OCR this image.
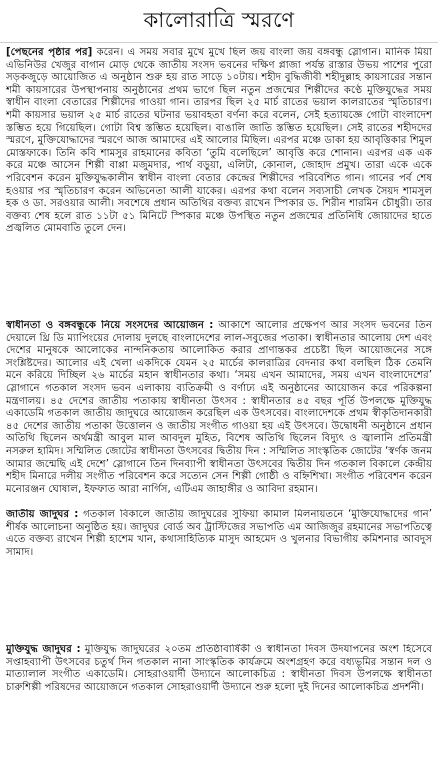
কালোরাত্রি স্মরণে

[পেছনের পৃষ্ঠার পর] করেন। এ সময় সবার মুখে মুখে ছিল জয় বাংলা জয় বঙ্গবন্ধু স্লোগান। মানিক মিয়া এভিনিউর খেজুর বাগান মোড় থেকে জাতীয় সংসদ ভবনের দক্ষিণ প্লাজা পর্যন্ত রাস্তার উভয় পাশের পুরো সড়কজুড়ে আয়োজিত এ অনুষ্ঠান শুরু হয় রাত সাড়ে ১০টায়। শহীদ বুদ্ধিজীবী শহীদুল্লাহ কায়সারের সন্তান শমী কায়সারের উপস্থাপনায় অনুষ্ঠানের প্রথম ভাগে ছিল নতুন প্রজন্মের শিল্পীদের কণ্ঠে মুক্তিযুদ্ধের সময় স্বাধীন বাংলা বেতারের শিল্পীদের গাওয়া গান। তারপর ছিল ২৫ মার্চ রাতের ভয়াল কালরাতের স্মৃতিচারণ। শমী কায়সার ভয়াল ২৫ মার্চ রাতের ঘটনার ভয়াবহতা বর্ণনা করে বলেন, সেই হত্যাযজ্ঞে গোটা বাংলাদেশ স্তম্ভিত হয়ে গিয়েছিল। গোটা বিশ্ব স্তম্ভিত হয়েছিল। বাঙালি জাতি স্তম্ভিত হয়েছিল। সেই রাতের শহীদদের স্মরণে, মুক্তিযোদ্ধাদের স্মরণে আজ আমাদের এই আলোর মিছিল। এরপর মঞ্চে ডাকা হয় আবৃত্তিকার শিমুল মোস্তফাকে। তিনি কবি শামসুর রাহমানের কবিতা ‘তুমি বলেছিলে’ আবৃত্তি করে শোনান। এরপর এক এক করে মঞ্চে আসেন শিল্পী বাপ্পা মজুমদার, পার্থ বড়ুয়া, এলিটা, কোনাল, জোহাদ প্রমুখ। তারা একে একে পরিবেশন করেন মুক্তিযুদ্ধকালীন স্বাধীন বাংলা বেতার কেন্দ্রের শিল্পীদের পরিবেশিত গান। গানের পর্ব শেষ হওয়ার পর স্মৃতিচারণ করেন অভিনেতা আলী যাকের। এরপর কথা বলেন সব্যসাচী লেখক সৈয়দ শামসুল হক ও ডা. সরওয়ার আলী। সবশেষে প্রধান অতিথির বক্তব্য রাখেন স্পিকার ড. শিরীন শারমিন চৌধুরী। তার বক্তব্য শেষ হলে রাত ১১টা ৫১ মিনিটে স্পিকার মঞ্চে উপস্থিত নতুন প্রজন্মের প্রতিনিধি জোয়াদের হাতে প্রজ্বলিত মোমবাতি তুলে দেন।

স্বাধীনতা ও বঙ্গবন্ধুকে নিয়ে সংসদের আয়োজন : আকাশে আলোর প্রক্ষেপণ আর সংসদ ভবনের তিন দেয়ালে থ্রি ডি ম্যাপিংয়ের দোলায় দুলছে বাংলাদেশের লাল-সবুজের পতাকা। স্বাধীনতার আলোয় দেশ এবং দেশের মানুষকে আলোকের নান্দনিকতায় আলোকিত করার প্রাণান্তকর প্রচেষ্টা ছিল আয়োজনের সঙ্গে সংশ্লিষ্টদের। আলোর এই খেলা একদিকে যেমন ২৫ মার্চের কালরাত্রির বেদনার কথা বলছিল ঠিক তেমনি মনে করিয়ে দিচ্ছিল ২৬ মার্চের মহান স্বাধীনতার কথা। ‘সময় এখন আমাদের, সময় এখন বাংলাদেশের’ স্লোগানে গতকাল সংসদ ভবন এলাকায় ব্যতিক্রমী ও বর্ণাঢ্য এই অনুষ্ঠানের আয়োজন করে পরিকল্পনা মন্ত্রণালয়। ৪৫ দেশের জাতীয় পতাকায় স্বাধীনতা উৎসব : স্বাধীনতার ৪৫ বছর পূর্তি উপলক্ষে মুক্তিযুদ্ধ একাডেমি গতকাল জাতীয় জাদুঘরে আয়োজন করেছিল এক উৎসবের। বাংলাদেশকে প্রথম স্বীকৃতিদানকারী ৪৫ দেশের জাতীয় পতাকা উত্তোলন ও জাতীয় সংগীত গাওয়া হয় এই উৎসবে। উদ্বোধনী অনুষ্ঠানে প্রধান অতিথি ছিলেন অর্থমন্ত্রী আবুল মাল আবদুল মুহিত, বিশেষ অতিথি ছিলেন বিদ্যুৎ ও জ্বালানি প্রতিমন্ত্রী নসরুল হামিদ। সম্মিলিত জোটের স্বাধীনতা উৎসবের দ্বিতীয় দিন : সম্মিলিত সাংস্কৃতিক জোটের ‘স্বর্ণক জনম আমার জন্মেছি এই দেশে’ স্লোগানে তিন দিনব্যাপী স্বাধীনতা উৎসবের দ্বিতীয় দিন গতকাল বিকালে কেন্দ্রীয় শহীদ মিনারে দলীয় সংগীত পরিবেশন করে সত্যেন সেন শিল্পী গোষ্ঠী ও বহ্নিশিখা। সংগীত পরিবেশন করেন মনোরঞ্জন ঘোষাল, ইফফাত আরা নার্গিস, এটিএম জাহাঙ্গীর ও আবিদা রহমান।

জাতীয় জাদুঘর : গতকাল বিকালে জাতীয় জাদুঘরের সুফিয়া কামাল মিলনায়তনে ‘মুক্তিযোদ্ধাদের গান’ শীর্ষক আলোচনা অনুষ্ঠিত হয়। জাদুঘর বোর্ড অব ট্রাস্টিজের সভাপতি এম আজিজুর রহমানের সভাপতিত্বে এতে বক্তব্য রাখেন শিল্পী হাশেম খান, কথাসাহিত্যিক মাসুদ আহমেদ ও খুলনার বিভাগীয় কমিশনার আবদুস সামাদ।

মুক্তিযুদ্ধ জাদুঘর : মুক্তিযুদ্ধ জাদুঘরের ২০তম প্রতিষ্ঠাবার্ষিকী ও স্বাধীনতা দিবস উদযাপনের অংশ হিসেবে সপ্তাহব্যাপী উৎসবের চতুর্থ দিন গতকাল নানা সাংস্কৃতিক কার্যক্রমে অংশগ্রহণ করে বধ্যভূমির সন্তান দল ও মাত্যালাল সংগীত একাডেমি। সোহরাওয়ার্দী উদ্যানে আলোকচিত্র : স্বাধীনতা দিবস উপলক্ষে স্বাধীনতা চারুশিল্পী পরিষদের আয়োজনে গতকাল সোহরাওয়ার্দী উদ্যানে শুরু হলো দুই দিনের আলোকচিত্র প্রদর্শনী।
